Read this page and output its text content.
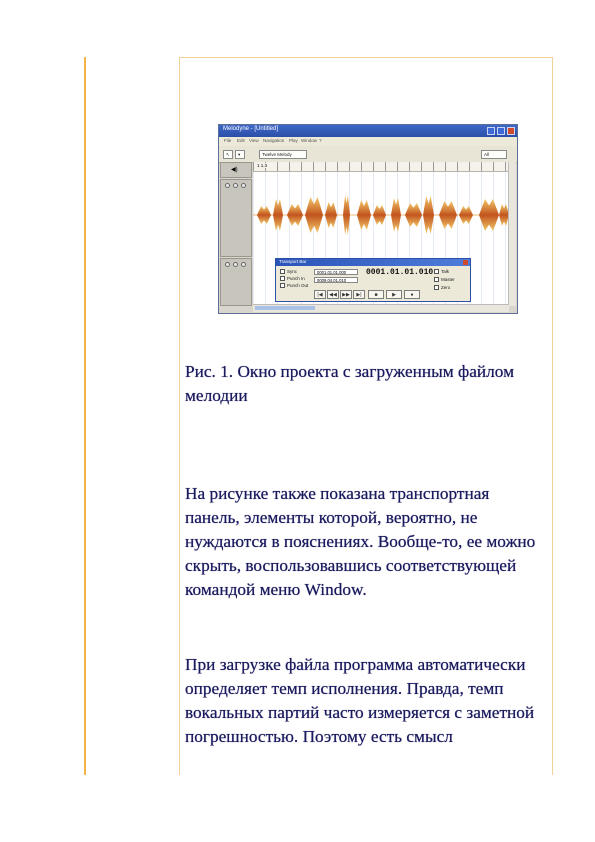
Melodyne - [Untitled]
File Edit View Navigation Play Window ?
↖	▾	Twelve Melody	All
1 1.3
◀)
Transport Bar
Sync
Punch In
Punch Out
0001.01.01.000
0009.04.01.010
0001.01.01.010 Talk
Master
Zero
|◀	◀◀	▶▶	▶|	■	▶	●

Рис. 1. Окно проекта с загруженным файлом мелодии

На рисунке также показана транспортная панель, элементы которой, вероятно, не нуждаются в пояснениях. Вообще-то, ее можно скрыть, воспользовавшись соответствующей командой меню Window.

При загрузке файла программа автоматически определяет темп исполнения. Правда, темп вокальных партий часто измеряется с заметной погрешностью. Поэтому есть смысл
